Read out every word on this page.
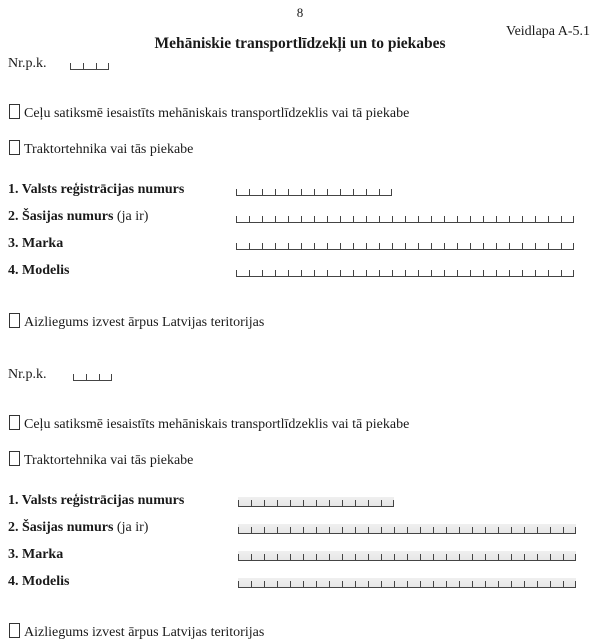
8
Veidlapa A-5.1
Mehāniskie transportlīdzekļi un to piekabes
Nr.p.k.
Ceļu satiksmē iesaistīts mehāniskais transportlīdzeklis vai tā piekabe
Traktortehnika vai tās piekabe
1. Valsts reģistrācijas numurs
2. Šasijas numurs (ja ir)
3. Marka
4. Modelis
Aizliegums izvest ārpus Latvijas teritorijas
Nr.p.k.
Ceļu satiksmē iesaistīts mehāniskais transportlīdzeklis vai tā piekabe
Traktortehnika vai tās piekabe
1. Valsts reģistrācijas numurs
2. Šasijas numurs (ja ir)
3. Marka
4. Modelis
Aizliegums izvest ārpus Latvijas teritorijas
